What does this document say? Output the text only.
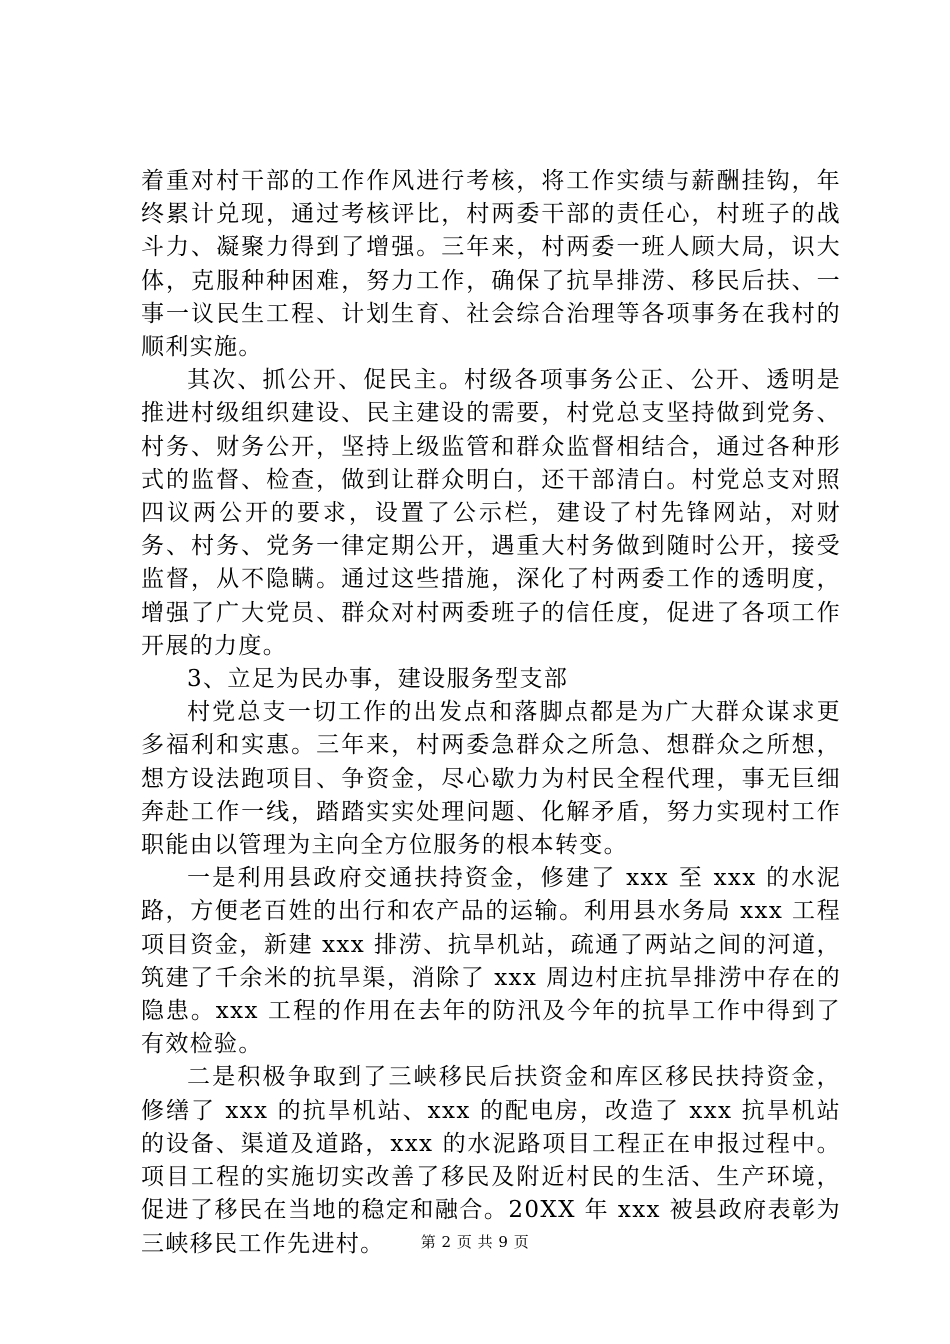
着重对村干部的工作作风进行考核，将工作实绩与薪酬挂钩，年终累计兑现，通过考核评比，村两委干部的责任心，村班子的战斗力、凝聚力得到了增强。三年来，村两委一班人顾大局，识大体，克服种种困难，努力工作，确保了抗旱排涝、移民后扶、一事一议民生工程、计划生育、社会综合治理等各项事务在我村的顺利实施。

其次、抓公开、促民主。村级各项事务公正、公开、透明是推进村级组织建设、民主建设的需要，村党总支坚持做到党务、村务、财务公开，坚持上级监管和群众监督相结合，通过各种形式的监督、检查，做到让群众明白，还干部清白。村党总支对照四议两公开的要求，设置了公示栏，建设了村先锋网站，对财务、村务、党务一律定期公开，遇重大村务做到随时公开，接受监督，从不隐瞒。通过这些措施，深化了村两委工作的透明度，增强了广大党员、群众对村两委班子的信任度，促进了各项工作开展的力度。

3、立足为民办事，建设服务型支部

村党总支一切工作的出发点和落脚点都是为广大群众谋求更多福利和实惠。三年来，村两委急群众之所急、想群众之所想，想方设法跑项目、争资金，尽心歇力为村民全程代理，事无巨细奔赴工作一线，踏踏实实处理问题、化解矛盾，努力实现村工作职能由以管理为主向全方位服务的根本转变。

一是利用县政府交通扶持资金，修建了 xxx 至 xxx 的水泥路，方便老百姓的出行和农产品的运输。利用县水务局 xxx 工程项目资金，新建 xxx 排涝、抗旱机站，疏通了两站之间的河道，筑建了千余米的抗旱渠，消除了 xxx 周边村庄抗旱排涝中存在的隐患。xxx 工程的作用在去年的防汛及今年的抗旱工作中得到了有效检验。

二是积极争取到了三峡移民后扶资金和库区移民扶持资金，修缮了 xxx 的抗旱机站、xxx 的配电房，改造了 xxx 抗旱机站的设备、渠道及道路，xxx 的水泥路项目工程正在申报过程中。项目工程的实施切实改善了移民及附近村民的生活、生产环境，促进了移民在当地的稳定和融合。20XX 年 xxx 被县政府表彰为三峡移民工作先进村。	第 2 页 共 9 页
